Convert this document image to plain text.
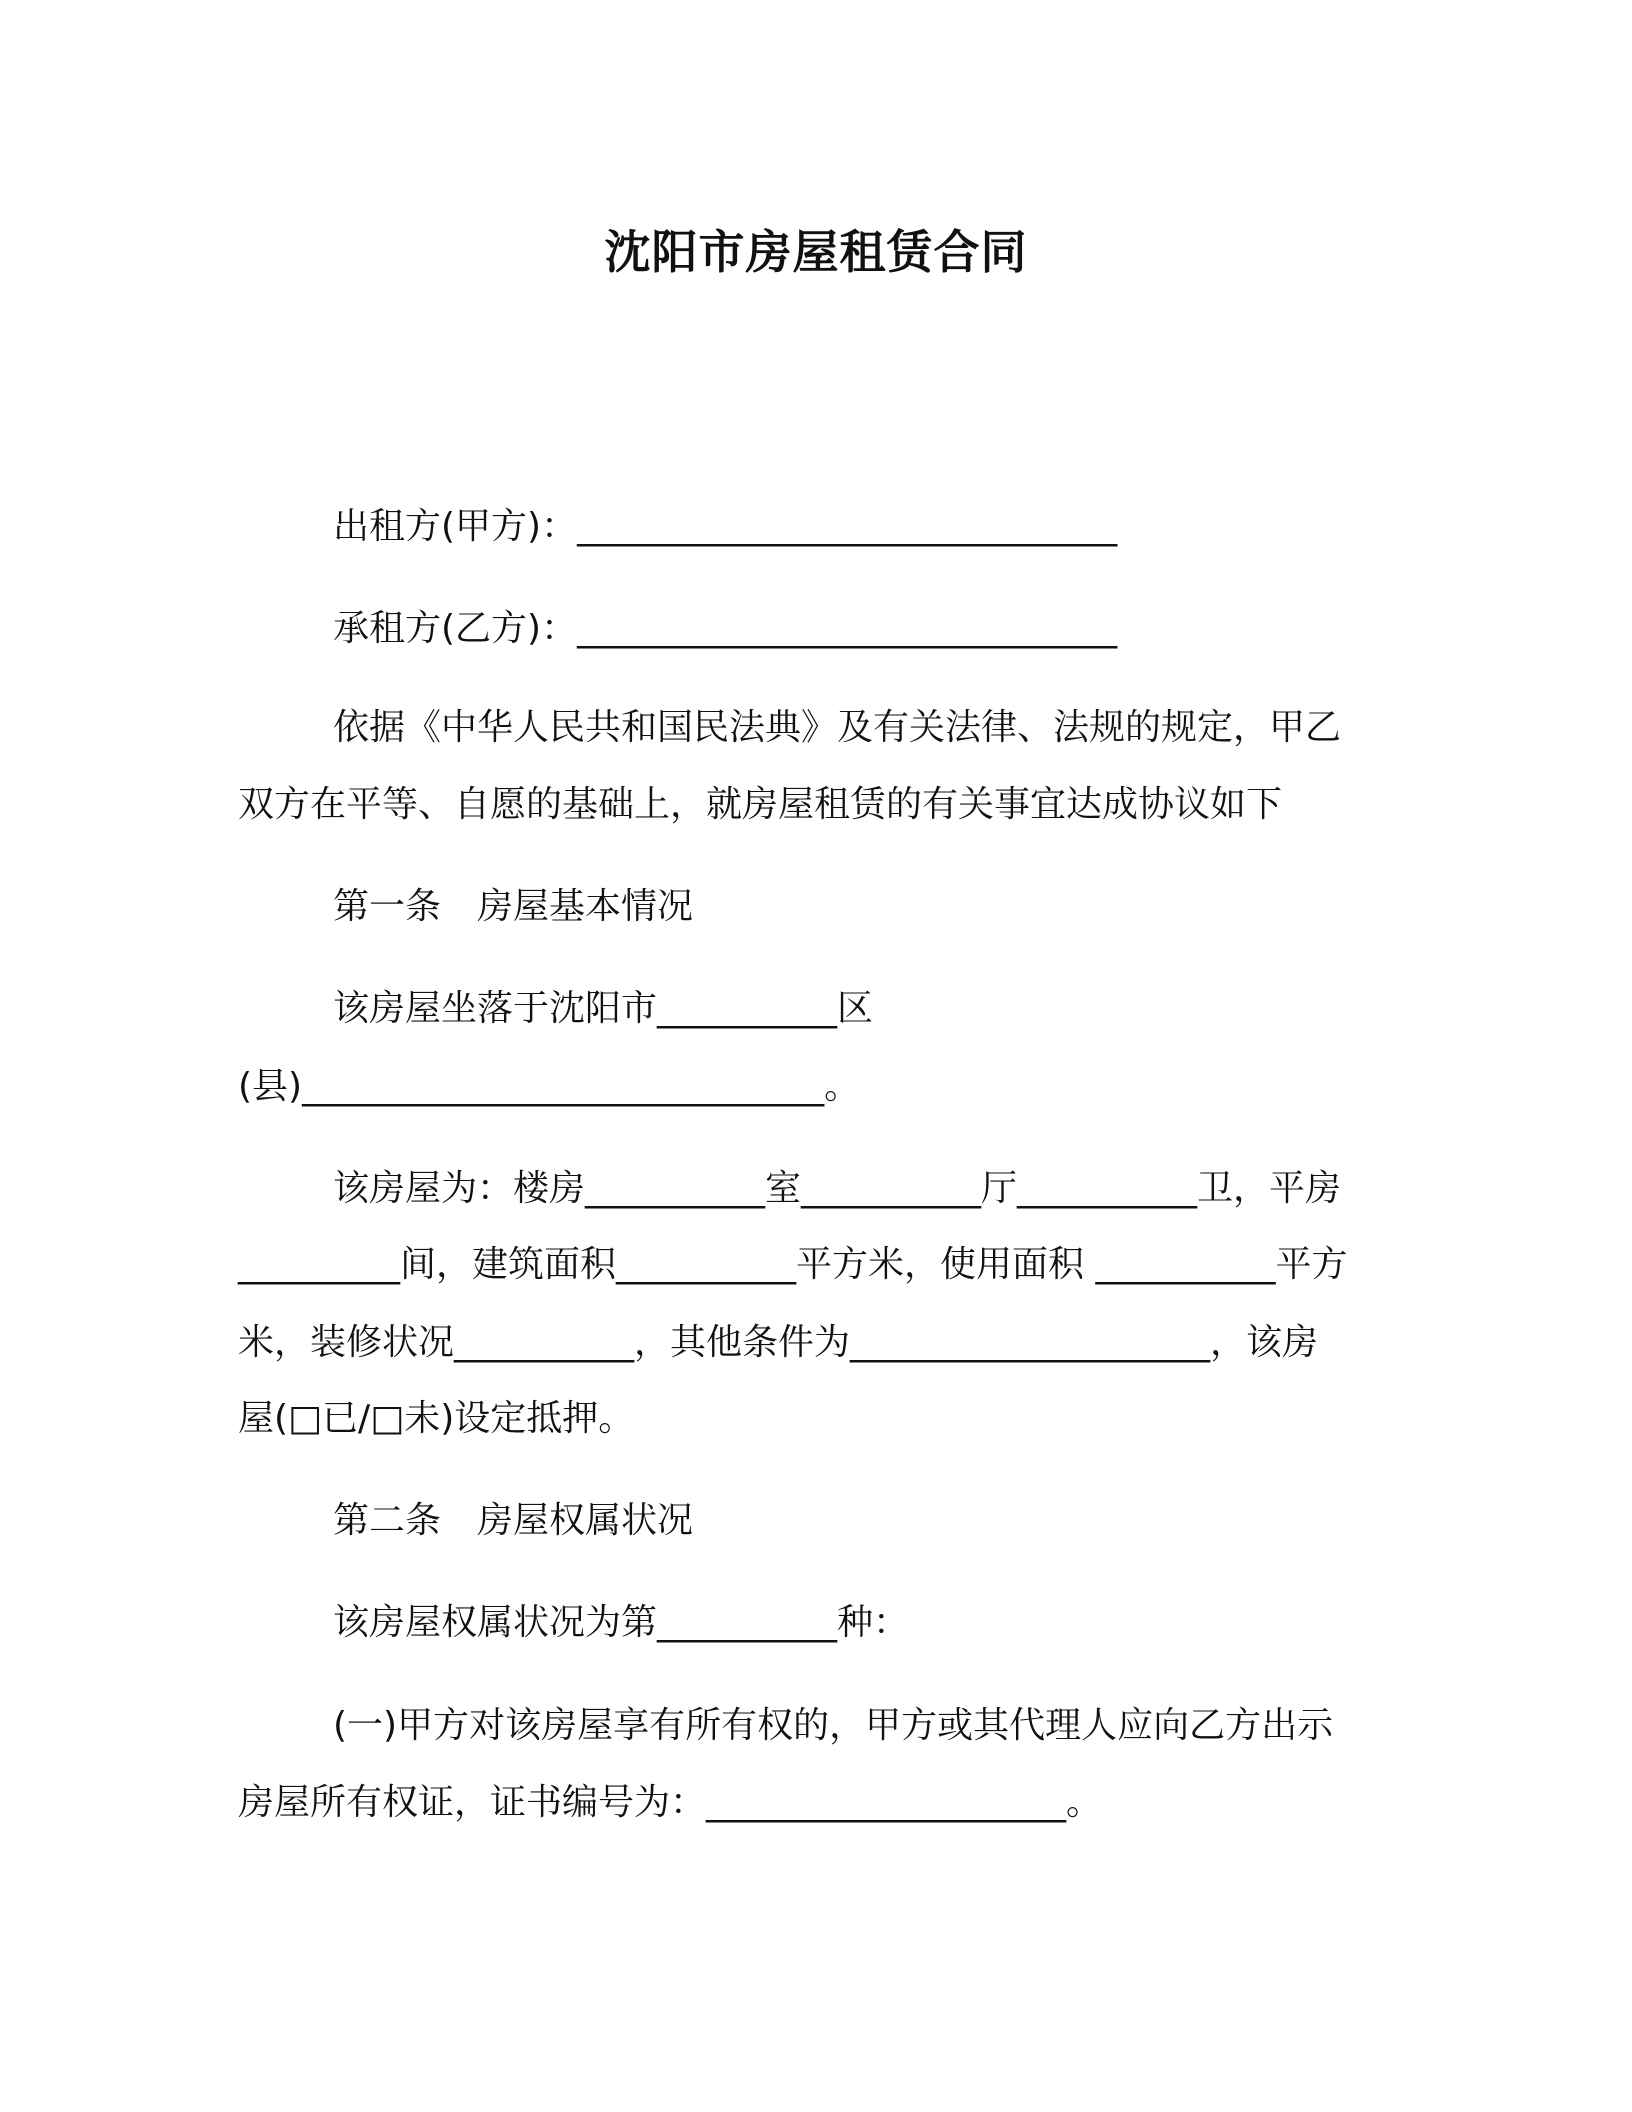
沈阳市房屋租赁合同

出租方(甲方)：______________________________

承租方(乙方)：______________________________

依据《中华人民共和国民法典》及有关法律、法规的规定，甲乙

双方在平等、自愿的基础上，就房屋租赁的有关事宜达成协议如下

第一条　房屋基本情况

该房屋坐落于沈阳市__________区

(县)_____________________________。

该房屋为：楼房__________室__________厅__________卫，平房

_________间，建筑面积__________平方米，使用面积 __________平方

米，装修状况__________，其他条件为____________________，该房

屋(□已/□未)设定抵押。

第二条　房屋权属状况

该房屋权属状况为第__________种：

(一)甲方对该房屋享有所有权的，甲方或其代理人应向乙方出示

房屋所有权证，证书编号为：____________________。
